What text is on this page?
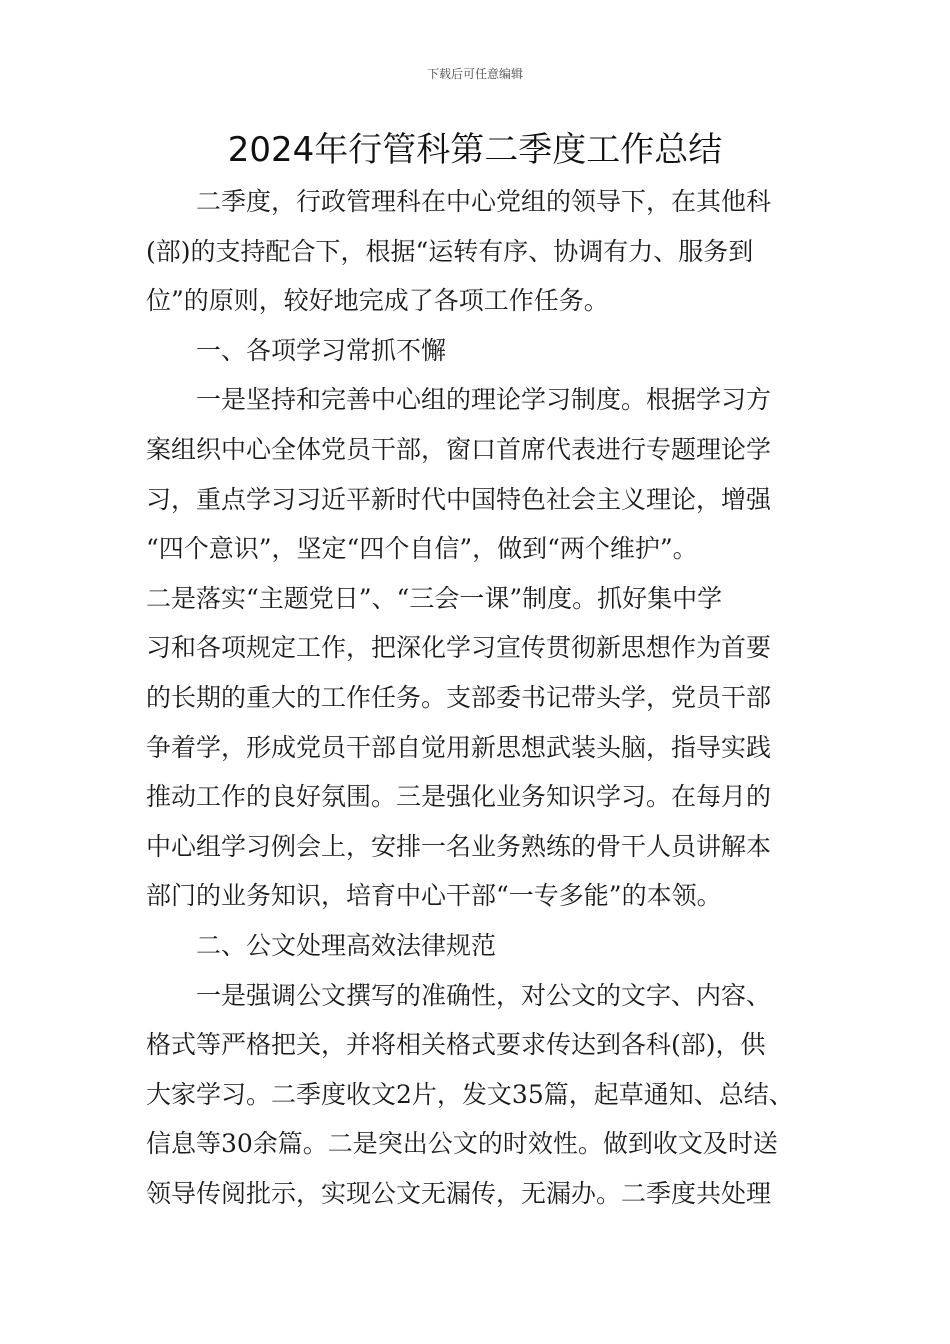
下载后可任意编辑
2024年行管科第二季度工作总结

二季度，行政管理科在中心党组的领导下，在其他科

(部)的支持配合下，根据“运转有序、协调有力、服务到

位”的原则，较好地完成了各项工作任务。

一、各项学习常抓不懈

一是坚持和完善中心组的理论学习制度。根据学习方

案组织中心全体党员干部，窗口首席代表进行专题理论学

习，重点学习习近平新时代中国特色社会主义理论，增强

“四个意识”，坚定“四个自信”，做到“两个维护”。

二是落实“主题党日”、“三会一课”制度。抓好集中学

习和各项规定工作，把深化学习宣传贯彻新思想作为首要

的长期的重大的工作任务。支部委书记带头学，党员干部

争着学，形成党员干部自觉用新思想武装头脑，指导实践

推动工作的良好氛围。三是强化业务知识学习。在每月的

中心组学习例会上，安排一名业务熟练的骨干人员讲解本

部门的业务知识，培育中心干部“一专多能”的本领。

二、公文处理高效法律规范

一是强调公文撰写的准确性，对公文的文字、内容、

格式等严格把关，并将相关格式要求传达到各科(部)，供

大家学习。二季度收文2片，发文35篇，起草通知、总结、

信息等30余篇。二是突出公文的时效性。做到收文及时送

领导传阅批示，实现公文无漏传，无漏办。二季度共处理
